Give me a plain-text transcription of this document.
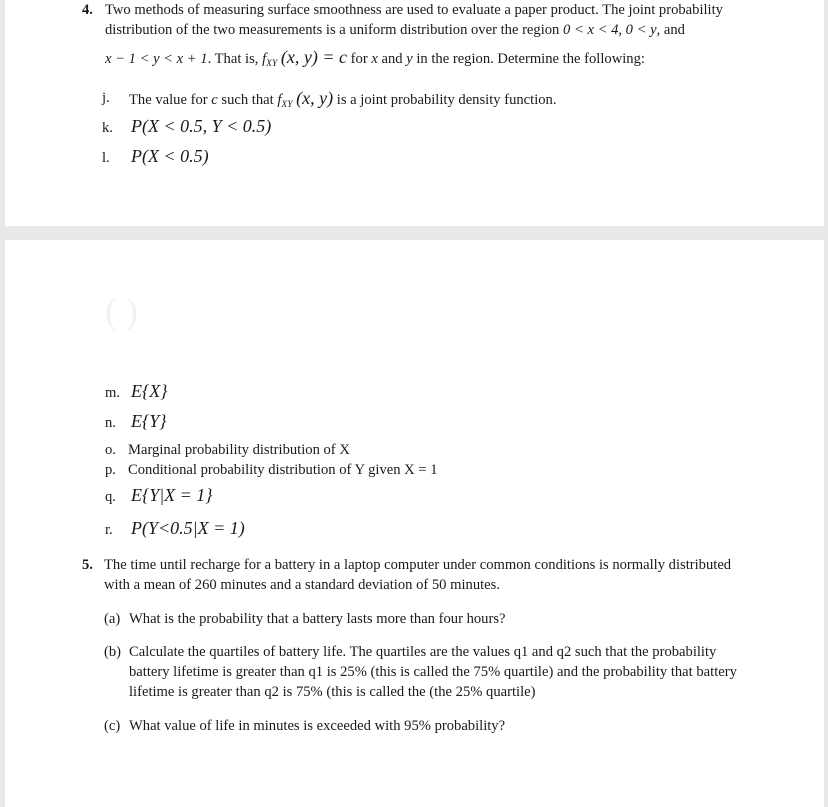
4. Two methods of measuring surface smoothness are used to evaluate a paper product. The joint probability
distribution of the two measurements is a uniform distribution over the region 0 < x < 4, 0 < y, and
x − 1 < y < x + 1. That is, $f_{XY}$ (x, y) = c for x and y in the region. Determine the following:
j. The value for c such that $f_{XY}$ (x, y) is a joint probability density function.
k. P(X < 0.5, Y < 0.5)
l. P(X < 0.5)
( )
m. E{X}
n. E{Y}
o. Marginal probability distribution of X
p. Conditional probability distribution of Y given X = 1
q. E{Y|X = 1}
r. P(Y<0.5|X = 1)
5. The time until recharge for a battery in a laptop computer under common conditions is normally distributed
with a mean of 260 minutes and a standard deviation of 50 minutes.
(a) What is the probability that a battery lasts more than four hours?
(b) Calculate the quartiles of battery life. The quartiles are the values q1 and q2 such that the probability
battery lifetime is greater than q1 is 25% (this is called the 75% quartile) and the probability that battery
lifetime is greater than q2 is 75% (this is called the (the 25% quartile)
(c) What value of life in minutes is exceeded with 95% probability?
